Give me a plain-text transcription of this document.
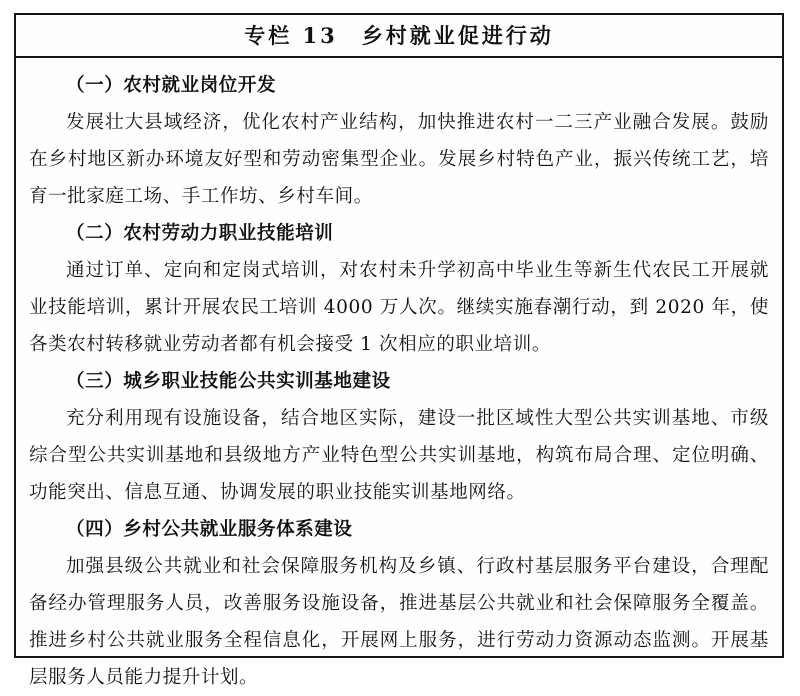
专栏 13　乡村就业促进行动

（一）农村就业岗位开发

发展壮大县域经济，优化农村产业结构，加快推进农村一二三产业融合发展。鼓励在乡村地区新办环境友好型和劳动密集型企业。发展乡村特色产业，振兴传统工艺，培育一批家庭工场、手工作坊、乡村车间。

（二）农村劳动力职业技能培训

通过订单、定向和定岗式培训，对农村未升学初高中毕业生等新生代农民工开展就业技能培训，累计开展农民工培训 4000 万人次。继续实施春潮行动，到 2020 年，使各类农村转移就业劳动者都有机会接受 1 次相应的职业培训。

（三）城乡职业技能公共实训基地建设

充分利用现有设施设备，结合地区实际，建设一批区域性大型公共实训基地、市级综合型公共实训基地和县级地方产业特色型公共实训基地，构筑布局合理、定位明确、功能突出、信息互通、协调发展的职业技能实训基地网络。

（四）乡村公共就业服务体系建设

加强县级公共就业和社会保障服务机构及乡镇、行政村基层服务平台建设，合理配备经办管理服务人员，改善服务设施设备，推进基层公共就业和社会保障服务全覆盖。推进乡村公共就业服务全程信息化，开展网上服务，进行劳动力资源动态监测。开展基层服务人员能力提升计划。
